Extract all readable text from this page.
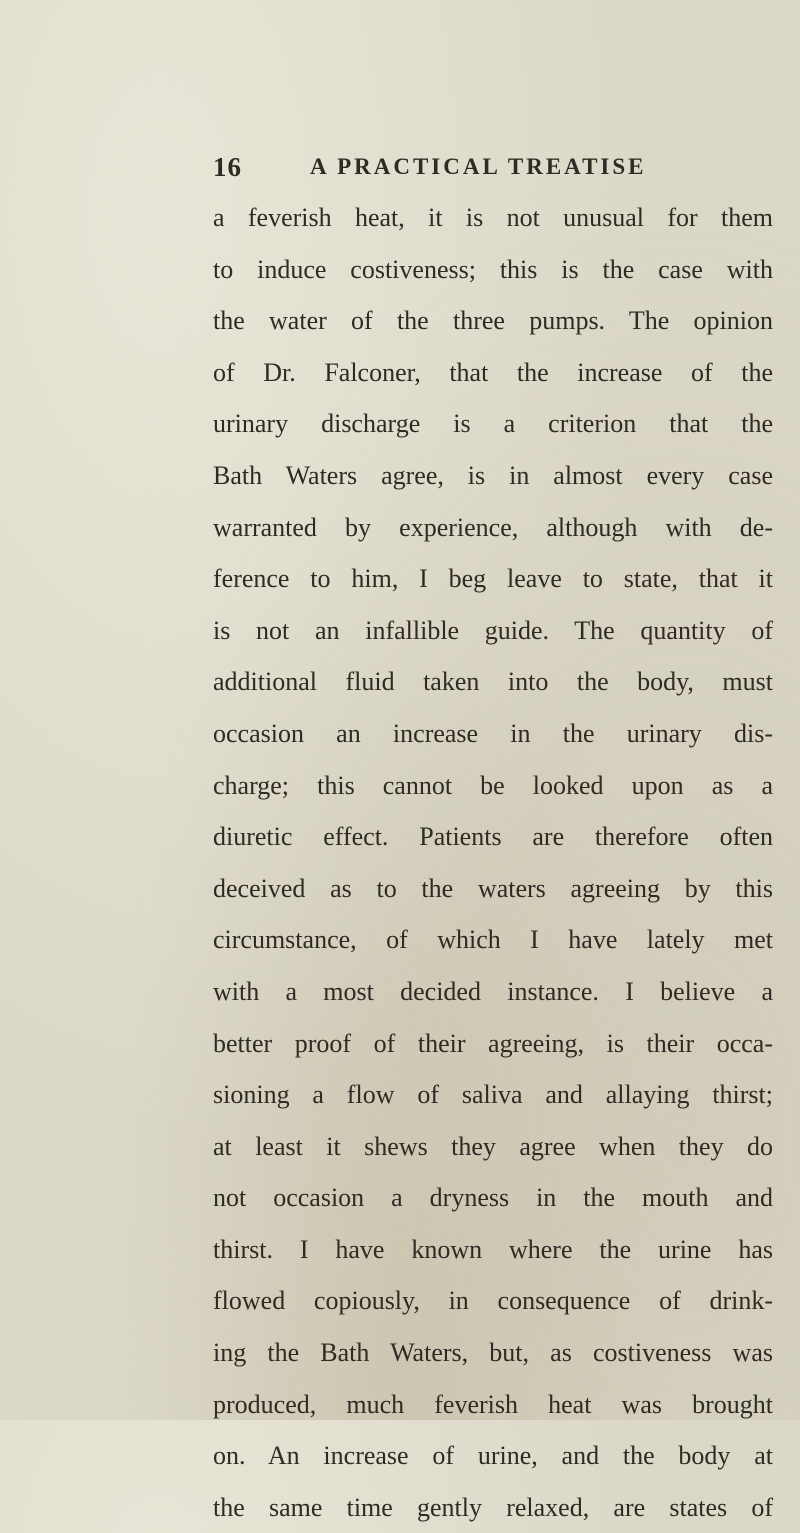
16	A PRACTICAL TREATISE
a feverish heat, it is not unusual for them
to induce costiveness; this is the case with
the water of the three pumps. The opinion
of Dr. Falconer, that the increase of the
urinary discharge is a criterion that the
Bath Waters agree, is in almost every case
warranted by experience, although with de-
ference to him, I beg leave to state, that it
is not an infallible guide. The quantity of
additional fluid taken into the body, must
occasion an increase in the urinary dis-
charge; this cannot be looked upon as a
diuretic effect. Patients are therefore often
deceived as to the waters agreeing by this
circumstance, of which I have lately met
with a most decided instance. I believe a
better proof of their agreeing, is their occa-
sioning a flow of saliva and allaying thirst;
at least it shews they agree when they do
not occasion a dryness in the mouth and
thirst. I have known where the urine has
flowed copiously, in consequence of drink-
ing the Bath Waters, but, as costiveness was
produced, much feverish heat was brought
on. An increase of urine, and the body at
the same time gently relaxed, are states of
